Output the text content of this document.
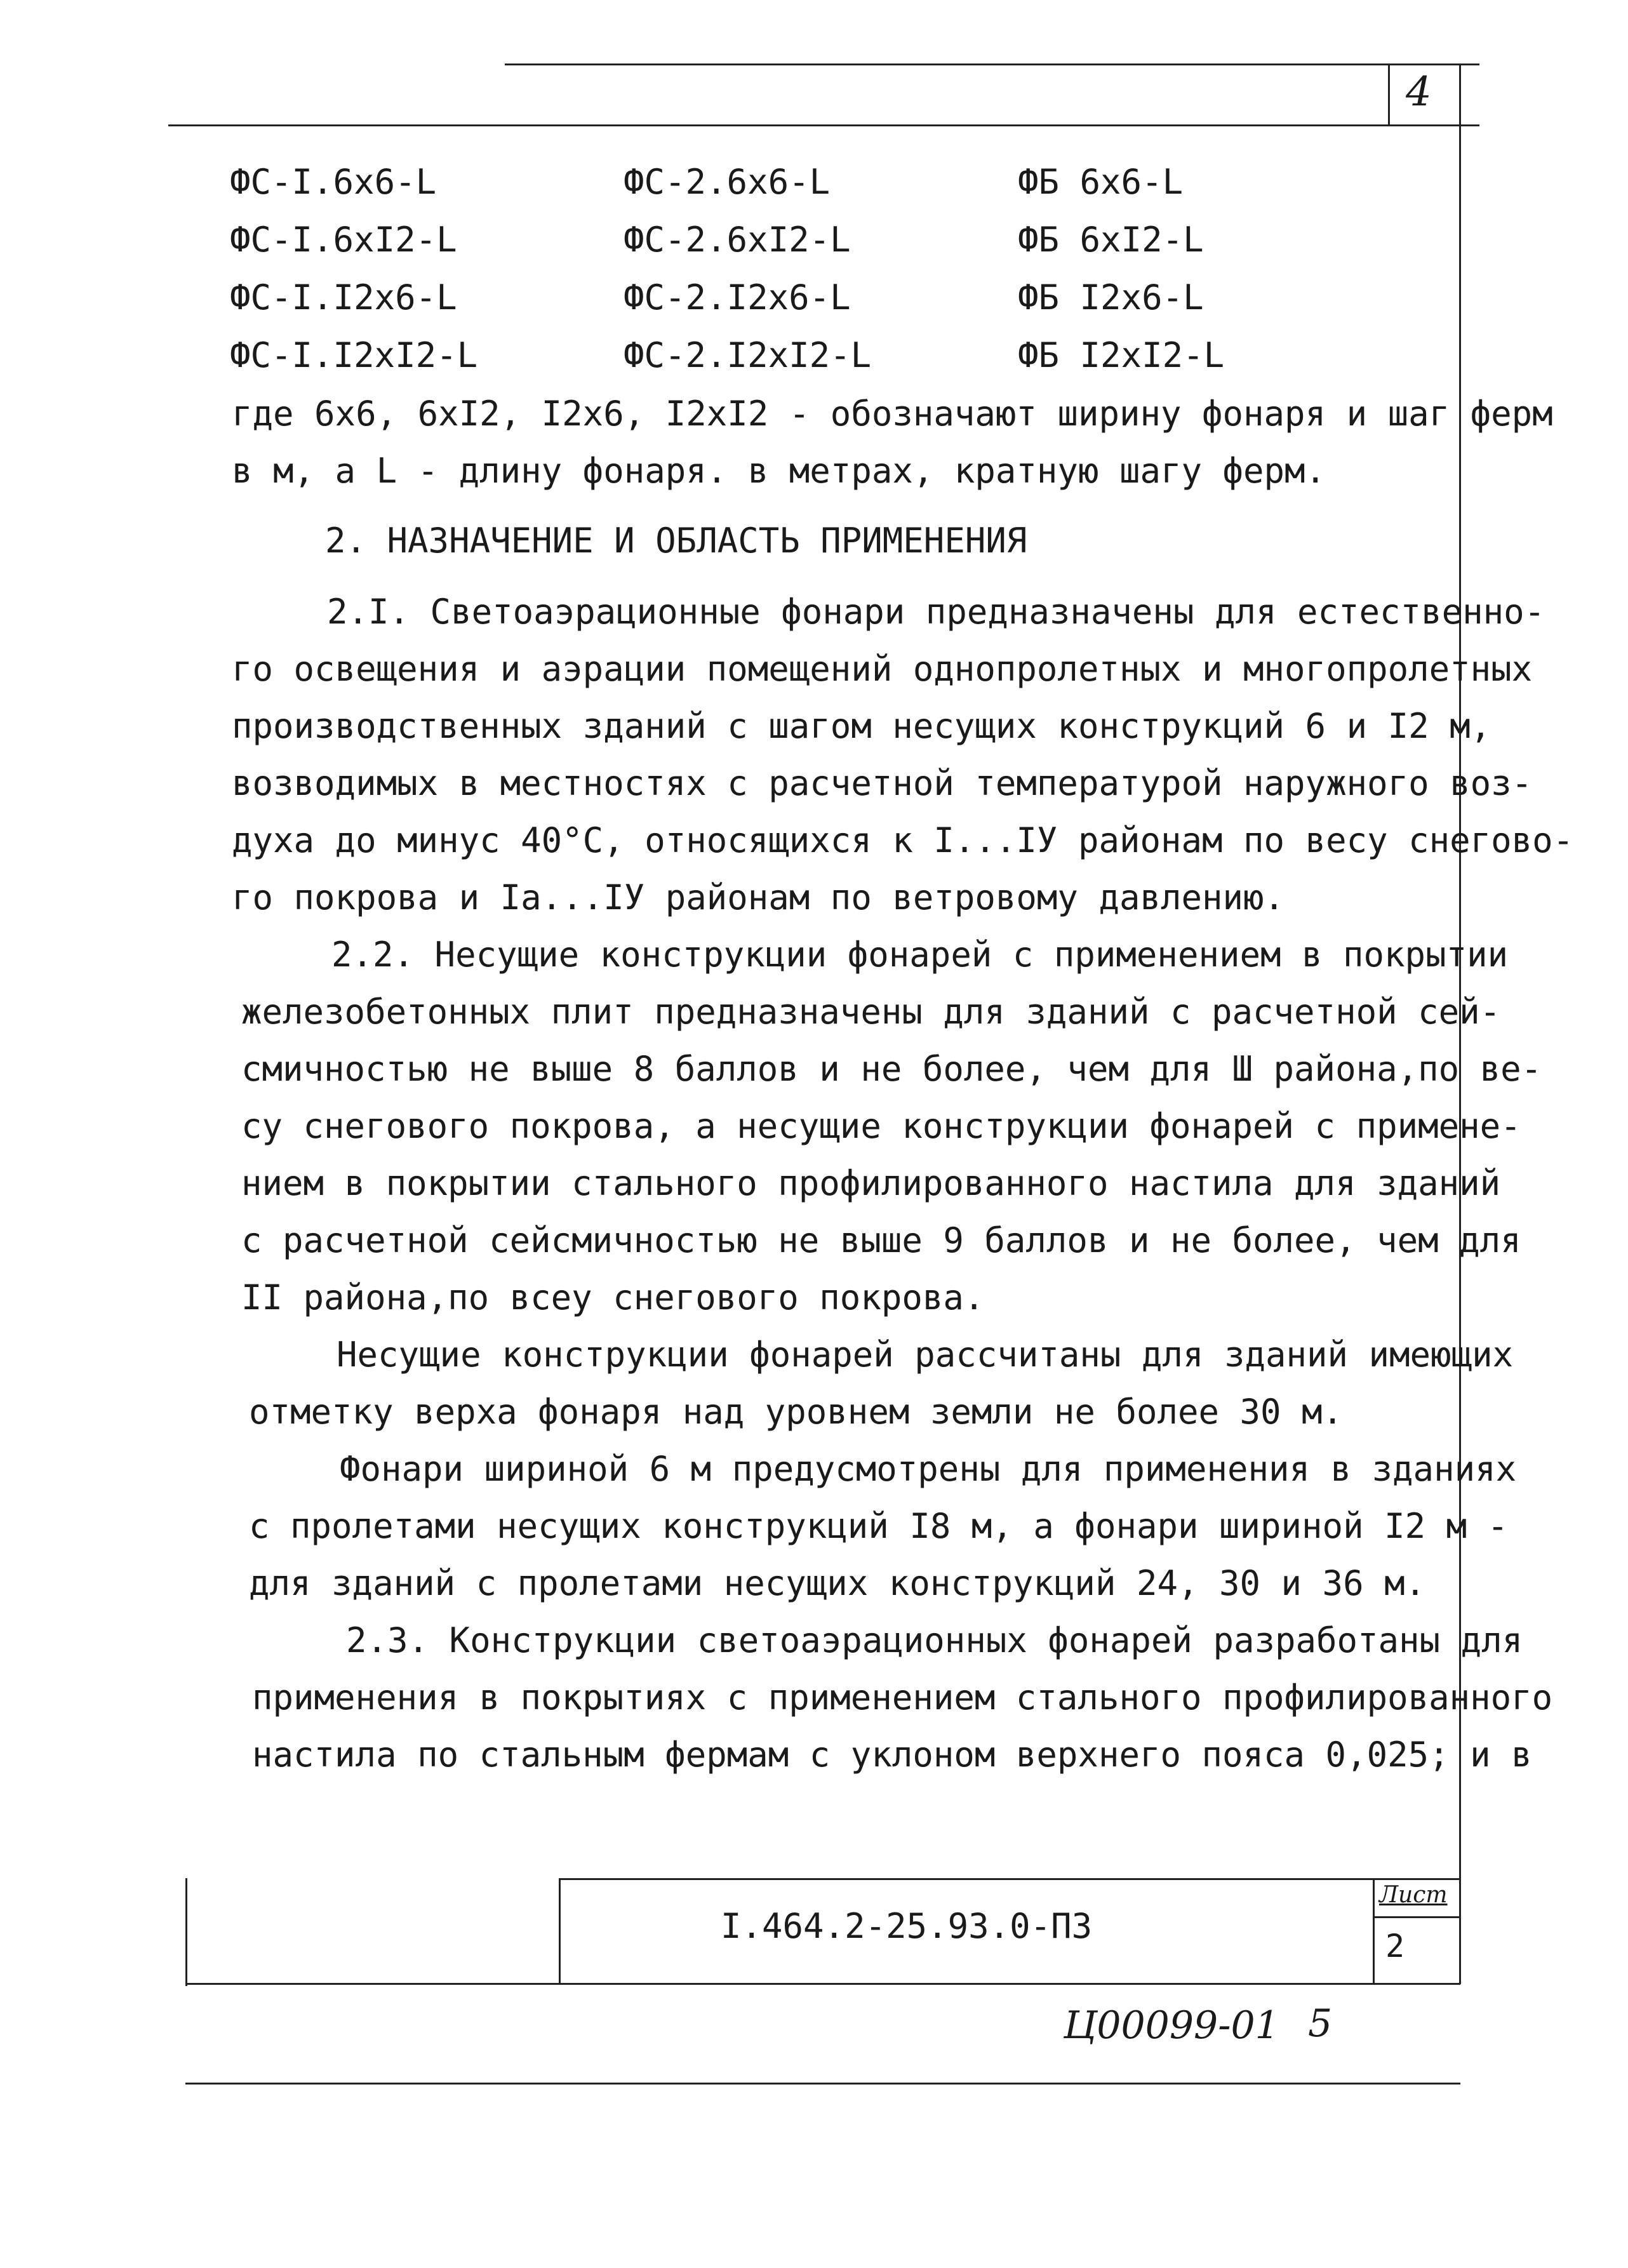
4
ФС-I.6x6-L	ФС-2.6x6-L	ФБ 6x6-L
ФС-I.6xI2-L	ФС-2.6xI2-L	ФБ 6xI2-L
ФС-I.I2x6-L	ФС-2.I2x6-L	ФБ I2x6-L
ФС-I.I2xI2-L	ФС-2.I2xI2-L	ФБ I2xI2-L
где 6x6, 6xI2, I2x6, I2xI2 - обозначают ширину фонаря и шаг ферм
в м, а L - длину фонаря. в метрах, кратную шагу ферм.
2. НАЗНАЧЕНИЕ И ОБЛАСТЬ ПРИМЕНЕНИЯ
2.I. Светоаэрационные фонари предназначены для естественно-
го освещения и аэрации помещений однопролетных и многопролетных
производственных зданий с шагом несущих конструкций 6 и I2 м,
возводимых в местностях с расчетной температурой наружного воз-
духа до минус 40°С, относящихся к I...IУ районам по весу снегово-
го покрова и Iа...IУ районам по ветровому давлению.
2.2. Несущие конструкции фонарей с применением в покрытии
железобетонных плит предназначены для зданий с расчетной сей-
смичностью не выше 8 баллов и не более, чем для Ш района,по ве-
су снегового покрова, а несущие конструкции фонарей с примене-
нием в покрытии стального профилированного настила для зданий
с расчетной сейсмичностью не выше 9 баллов и не более, чем для
II района,по всеу снегового покрова.
Несущие конструкции фонарей рассчитаны для зданий имеющих
отметку верха фонаря над уровнем земли не более 30 м.
Фонари шириной 6 м предусмотрены для применения в зданиях
с пролетами несущих конструкций I8 м, а фонари шириной I2 м -
для зданий с пролетами несущих конструкций 24, 30 и 36 м.
2.3. Конструкции светоаэрационных фонарей разработаны для
применения в покрытиях с применением стального профилированного
настила по стальным фермам с уклоном верхнего пояса 0,025; и в
I.464.2-25.93.0-ПЗ
Лист
2
Ц00099-01 5
